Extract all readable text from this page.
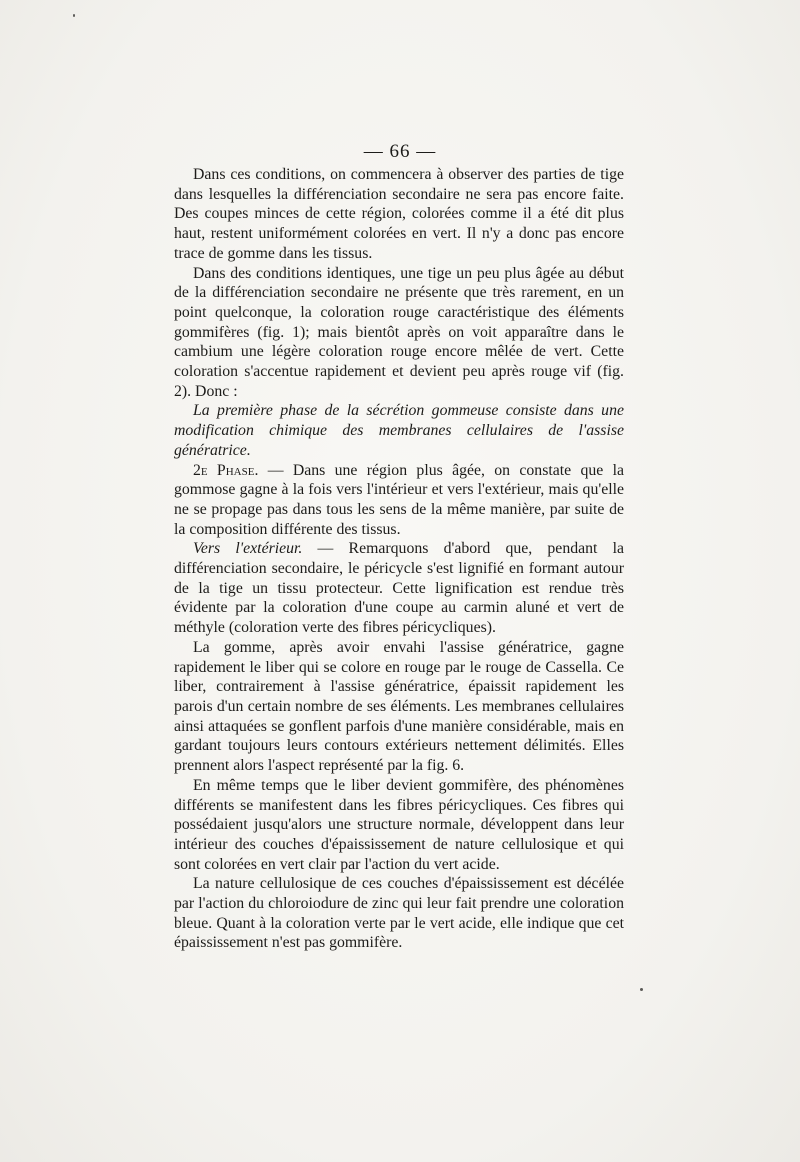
— 66 —

Dans ces conditions, on commencera à observer des parties de tige dans lesquelles la différenciation secondaire ne sera pas encore faite. Des coupes minces de cette région, colorées comme il a été dit plus haut, restent uniformément colorées en vert. Il n'y a donc pas encore trace de gomme dans les tissus.

Dans des conditions identiques, une tige un peu plus âgée au début de la différenciation secondaire ne présente que très rarement, en un point quelconque, la coloration rouge caractéristique des éléments gommifères (fig. 1); mais bientôt après on voit apparaître dans le cambium une légère coloration rouge encore mêlée de vert. Cette coloration s'accentue rapidement et devient peu après rouge vif (fig. 2). Donc :

La première phase de la sécrétion gommeuse consiste dans une modification chimique des membranes cellulaires de l'assise génératrice.

2e Phase. — Dans une région plus âgée, on constate que la gommose gagne à la fois vers l'intérieur et vers l'extérieur, mais qu'elle ne se propage pas dans tous les sens de la même manière, par suite de la composition différente des tissus.

Vers l'extérieur. — Remarquons d'abord que, pendant la différenciation secondaire, le péricycle s'est lignifié en formant autour de la tige un tissu protecteur. Cette lignification est rendue très évidente par la coloration d'une coupe au carmin aluné et vert de méthyle (coloration verte des fibres péricycliques).

La gomme, après avoir envahi l'assise génératrice, gagne rapidement le liber qui se colore en rouge par le rouge de Cassella. Ce liber, contrairement à l'assise génératrice, épaissit rapidement les parois d'un certain nombre de ses éléments. Les membranes cellulaires ainsi attaquées se gonflent parfois d'une manière considérable, mais en gardant toujours leurs contours extérieurs nettement délimités. Elles prennent alors l'aspect représenté par la fig. 6.

En même temps que le liber devient gommifère, des phénomènes différents se manifestent dans les fibres péricycliques. Ces fibres qui possédaient jusqu'alors une structure normale, développent dans leur intérieur des couches d'épaississement de nature cellulosique et qui sont colorées en vert clair par l'action du vert acide.

La nature cellulosique de ces couches d'épaississement est décélée par l'action du chloroiodure de zinc qui leur fait prendre une coloration bleue. Quant à la coloration verte par le vert acide, elle indique que cet épaississement n'est pas gommifère.
